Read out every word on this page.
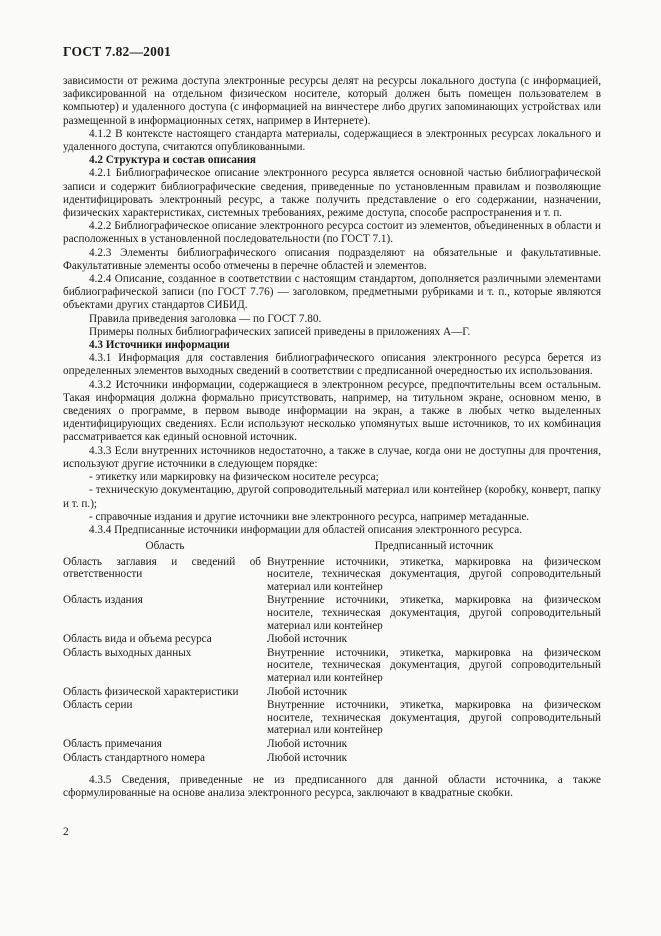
ГОСТ 7.82—2001

зависимости от режима доступа электронные ресурсы делят на ресурсы локального доступа (с информацией, зафиксированной на отдельном физическом носителе, который должен быть помещен пользователем в компьютер) и удаленного доступа (с информацией на винчестере либо других запоминающих устройствах или размещенной в информационных сетях, например в Интернете).

4.1.2 В контексте настоящего стандарта материалы, содержащиеся в электронных ресурсах локального и удаленного доступа, считаются опубликованными.

4.2 Структура и состав описания

4.2.1 Библиографическое описание электронного ресурса является основной частью библиографической записи и содержит библиографические сведения, приведенные по установленным правилам и позволяющие идентифицировать электронный ресурс, а также получить представление о его содержании, назначении, физических характеристиках, системных требованиях, режиме доступа, способе распространения и т. п.

4.2.2 Библиографическое описание электронного ресурса состоит из элементов, объединенных в области и расположенных в установленной последовательности (по ГОСТ 7.1).

4.2.3 Элементы библиографического описания подразделяют на обязательные и факультативные. Факультативные элементы особо отмечены в перечне областей и элементов.

4.2.4 Описание, созданное в соответствии с настоящим стандартом, дополняется различными элементами библиографической записи (по ГОСТ 7.76) — заголовком, предметными рубриками и т. п., которые являются объектами других стандартов СИБИД.

Правила приведения заголовка — по ГОСТ 7.80.

Примеры полных библиографических записей приведены в приложениях А—Г.

4.3 Источники информации

4.3.1 Информация для составления библиографического описания электронного ресурса берется из определенных элементов выходных сведений в соответствии с предписанной очередностью их использования.

4.3.2 Источники информации, содержащиеся в электронном ресурсе, предпочтительны всем остальным. Такая информация должна формально присутствовать, например, на титульном экране, основном меню, в сведениях о программе, в первом выводе информации на экран, а также в любых четко выделенных идентифицирующих сведениях. Если используют несколько упомянутых выше источников, то их комбинация рассматривается как единый основной источник.

4.3.3 Если внутренних источников недостаточно, а также в случае, когда они не доступны для прочтения, используют другие источники в следующем порядке:

- этикетку или маркировку на физическом носителе ресурса;

- техническую документацию, другой сопроводительный материал или контейнер (коробку, конверт, папку и т. п.);

- справочные издания и другие источники вне электронного ресурса, например метаданные.

4.3.4 Предписанные источники информации для областей описания электронного ресурса.

Область	Предписанный источник
Область заглавия и сведений об ответственности	Внутренние источники, этикетка, маркировка на физическом носителе, техническая документация, другой сопроводительный материал или контейнер
Область издания	Внутренние источники, этикетка, маркировка на физическом носителе, техническая документация, другой сопроводительный материал или контейнер
Область вида и объема ресурса	Любой источник
Область выходных данных	Внутренние источники, этикетка, маркировка на физическом носителе, техническая документация, другой сопроводительный материал или контейнер
Область физической характеристики	Любой источник
Область серии	Внутренние источники, этикетка, маркировка на физическом носителе, техническая документация, другой сопроводительный материал или контейнер
Область примечания	Любой источник
Область стандартного номера	Любой источник

4.3.5 Сведения, приведенные не из предписанного для данной области источника, а также сформулированные на основе анализа электронного ресурса, заключают в квадратные скобки.

2
